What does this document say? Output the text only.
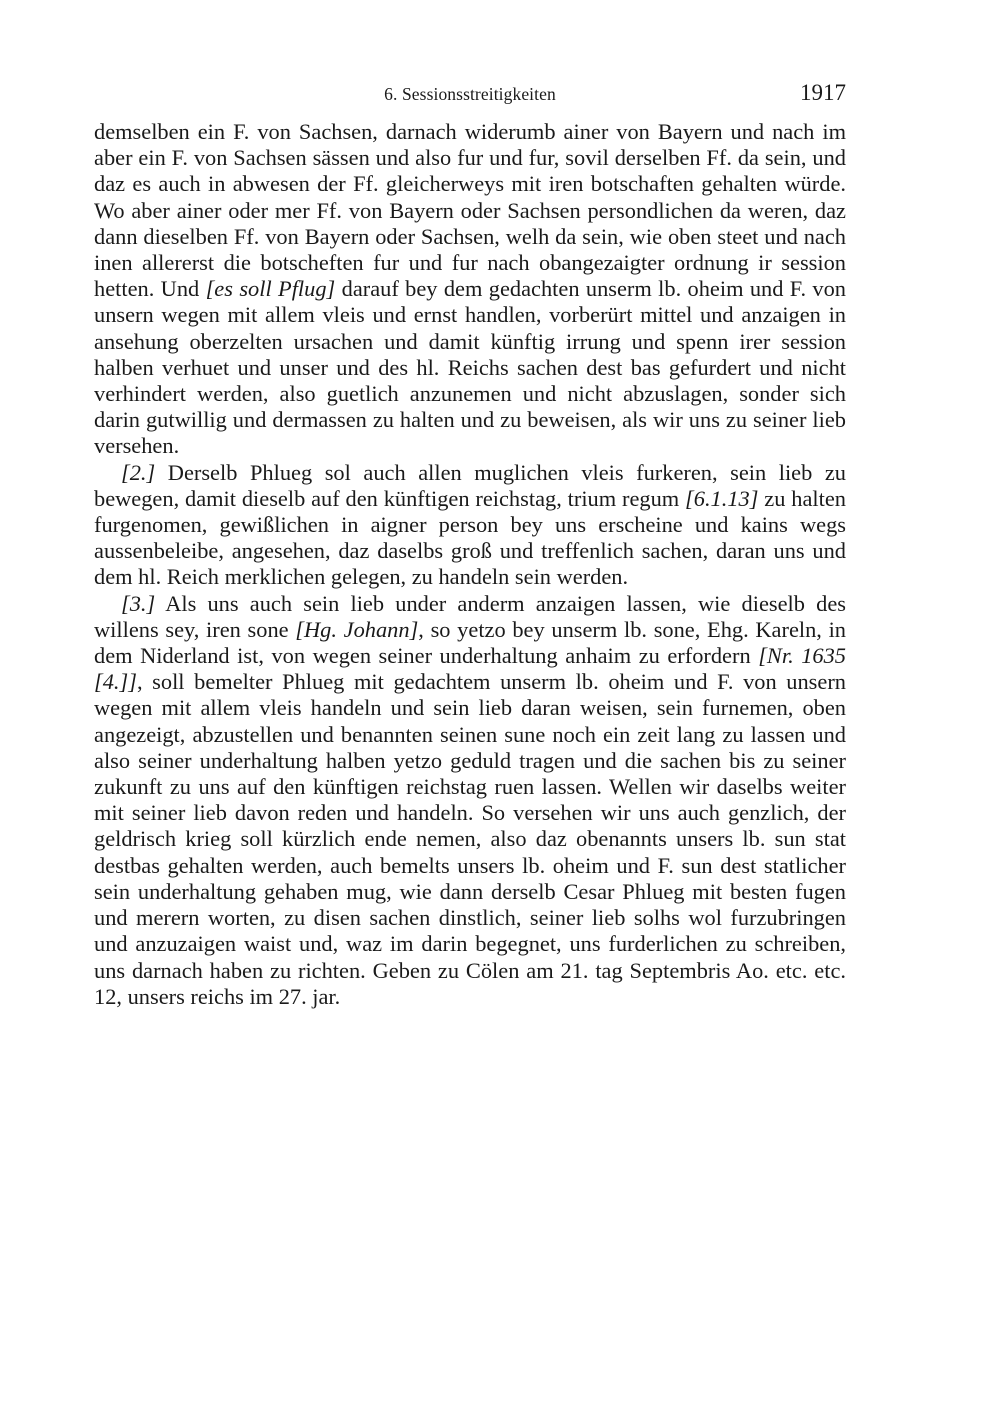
6. Sessionsstreitigkeiten	1917

demselben ein F. von Sachsen, darnach widerumb ainer von Bayern und nach im aber ein F. von Sachsen sässen und also fur und fur, sovil derselben Ff. da sein, und daz es auch in abwesen der Ff. gleicherweys mit iren botschaften gehalten würde. Wo aber ainer oder mer Ff. von Bayern oder Sachsen persondlichen da weren, daz dann dieselben Ff. von Bayern oder Sachsen, welh da sein, wie oben steet und nach inen allererst die botscheften fur und fur nach obangezaigter ordnung ir session hetten. Und [es soll Pflug] darauf bey dem gedachten unserm lb. oheim und F. von unsern wegen mit allem vleis und ernst handlen, vorberürt mittel und anzaigen in ansehung oberzelten ursachen und damit künftig irrung und spenn irer session halben verhuet und unser und des hl. Reichs sachen dest bas gefurdert und nicht verhindert werden, also guetlich anzunemen und nicht abzuslagen, sonder sich darin gutwillig und dermassen zu halten und zu beweisen, als wir uns zu seiner lieb versehen.

[2.] Derselb Phlueg sol auch allen muglichen vleis furkeren, sein lieb zu bewegen, damit dieselb auf den künftigen reichstag, trium regum [6.1.13] zu halten furgenomen, gewißlichen in aigner person bey uns erscheine und kains wegs aussenbeleibe, angesehen, daz daselbs groß und treffenlich sachen, daran uns und dem hl. Reich merklichen gelegen, zu handeln sein werden.

[3.] Als uns auch sein lieb under anderm anzaigen lassen, wie dieselb des willens sey, iren sone [Hg. Johann], so yetzo bey unserm lb. sone, Ehg. Kareln, in dem Niderland ist, von wegen seiner underhaltung anhaim zu erfordern [Nr. 1635 [4.]], soll bemelter Phlueg mit gedachtem unserm lb. oheim und F. von unsern wegen mit allem vleis handeln und sein lieb daran weisen, sein furnemen, oben angezeigt, abzustellen und benannten seinen sune noch ein zeit lang zu lassen und also seiner underhaltung halben yetzo geduld tragen und die sachen bis zu seiner zukunft zu uns auf den künftigen reichstag ruen lassen. Wellen wir daselbs weiter mit seiner lieb davon reden und handeln. So versehen wir uns auch genzlich, der geldrisch krieg soll kürzlich ende nemen, also daz obenannts unsers lb. sun stat destbas gehalten werden, auch bemelts unsers lb. oheim und F. sun dest statlicher sein underhaltung gehaben mug, wie dann derselb Cesar Phlueg mit besten fugen und merern worten, zu disen sachen dinstlich, seiner lieb solhs wol furzubringen und anzuzaigen waist und, waz im darin begegnet, uns furderlichen zu schreiben, uns darnach haben zu richten. Geben zu Cölen am 21. tag Septembris Ao. etc. etc. 12, unsers reichs im 27. jar.
